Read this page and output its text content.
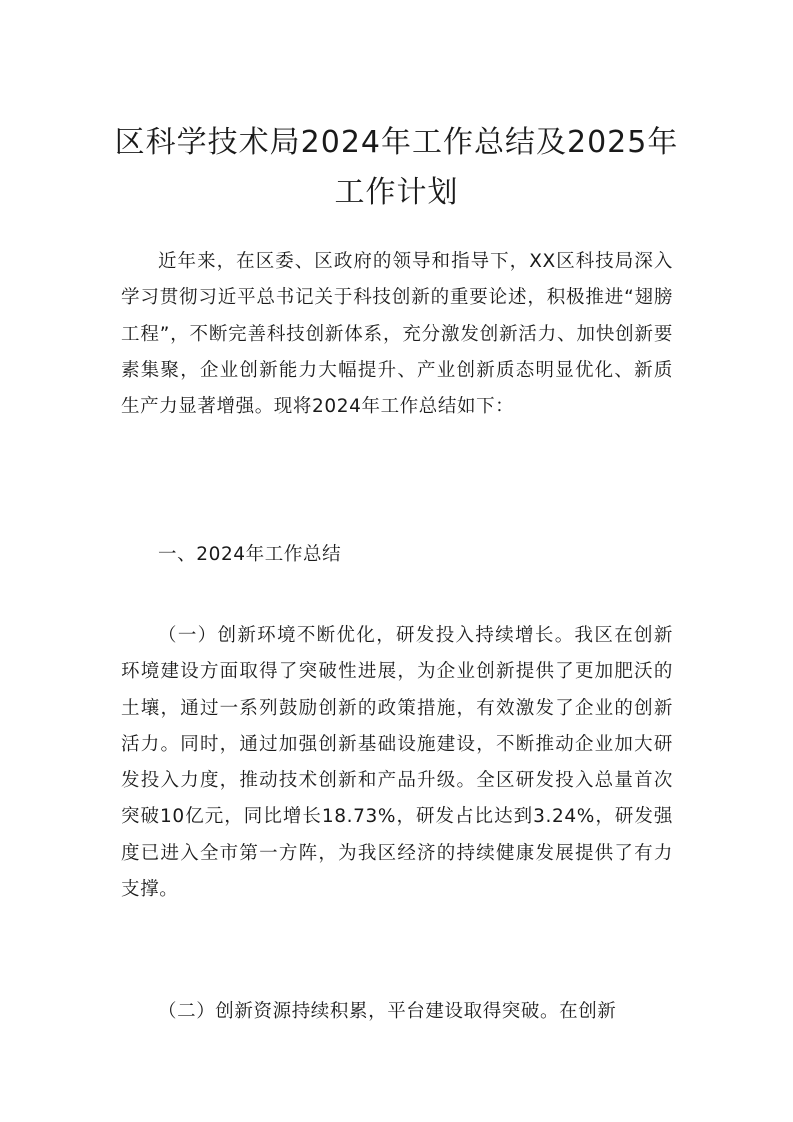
区科学技术局2024年工作总结及2025年工作计划

近年来，在区委、区政府的领导和指导下，XX区科技局深入学习贯彻习近平总书记关于科技创新的重要论述，积极推进“翅膀工程”，不断完善科技创新体系，充分激发创新活力、加快创新要素集聚，企业创新能力大幅提升、产业创新质态明显优化、新质生产力显著增强。现将2024年工作总结如下：

一、2024年工作总结

（一）创新环境不断优化，研发投入持续增长。我区在创新环境建设方面取得了突破性进展，为企业创新提供了更加肥沃的土壤，通过一系列鼓励创新的政策措施，有效激发了企业的创新活力。同时，通过加强创新基础设施建设，不断推动企业加大研发投入力度，推动技术创新和产品升级。全区研发投入总量首次突破10亿元，同比增长18.73%，研发占比达到3.24%，研发强度已进入全市第一方阵，为我区经济的持续健康发展提供了有力支撑。

（二）创新资源持续积累，平台建设取得突破。在创新
